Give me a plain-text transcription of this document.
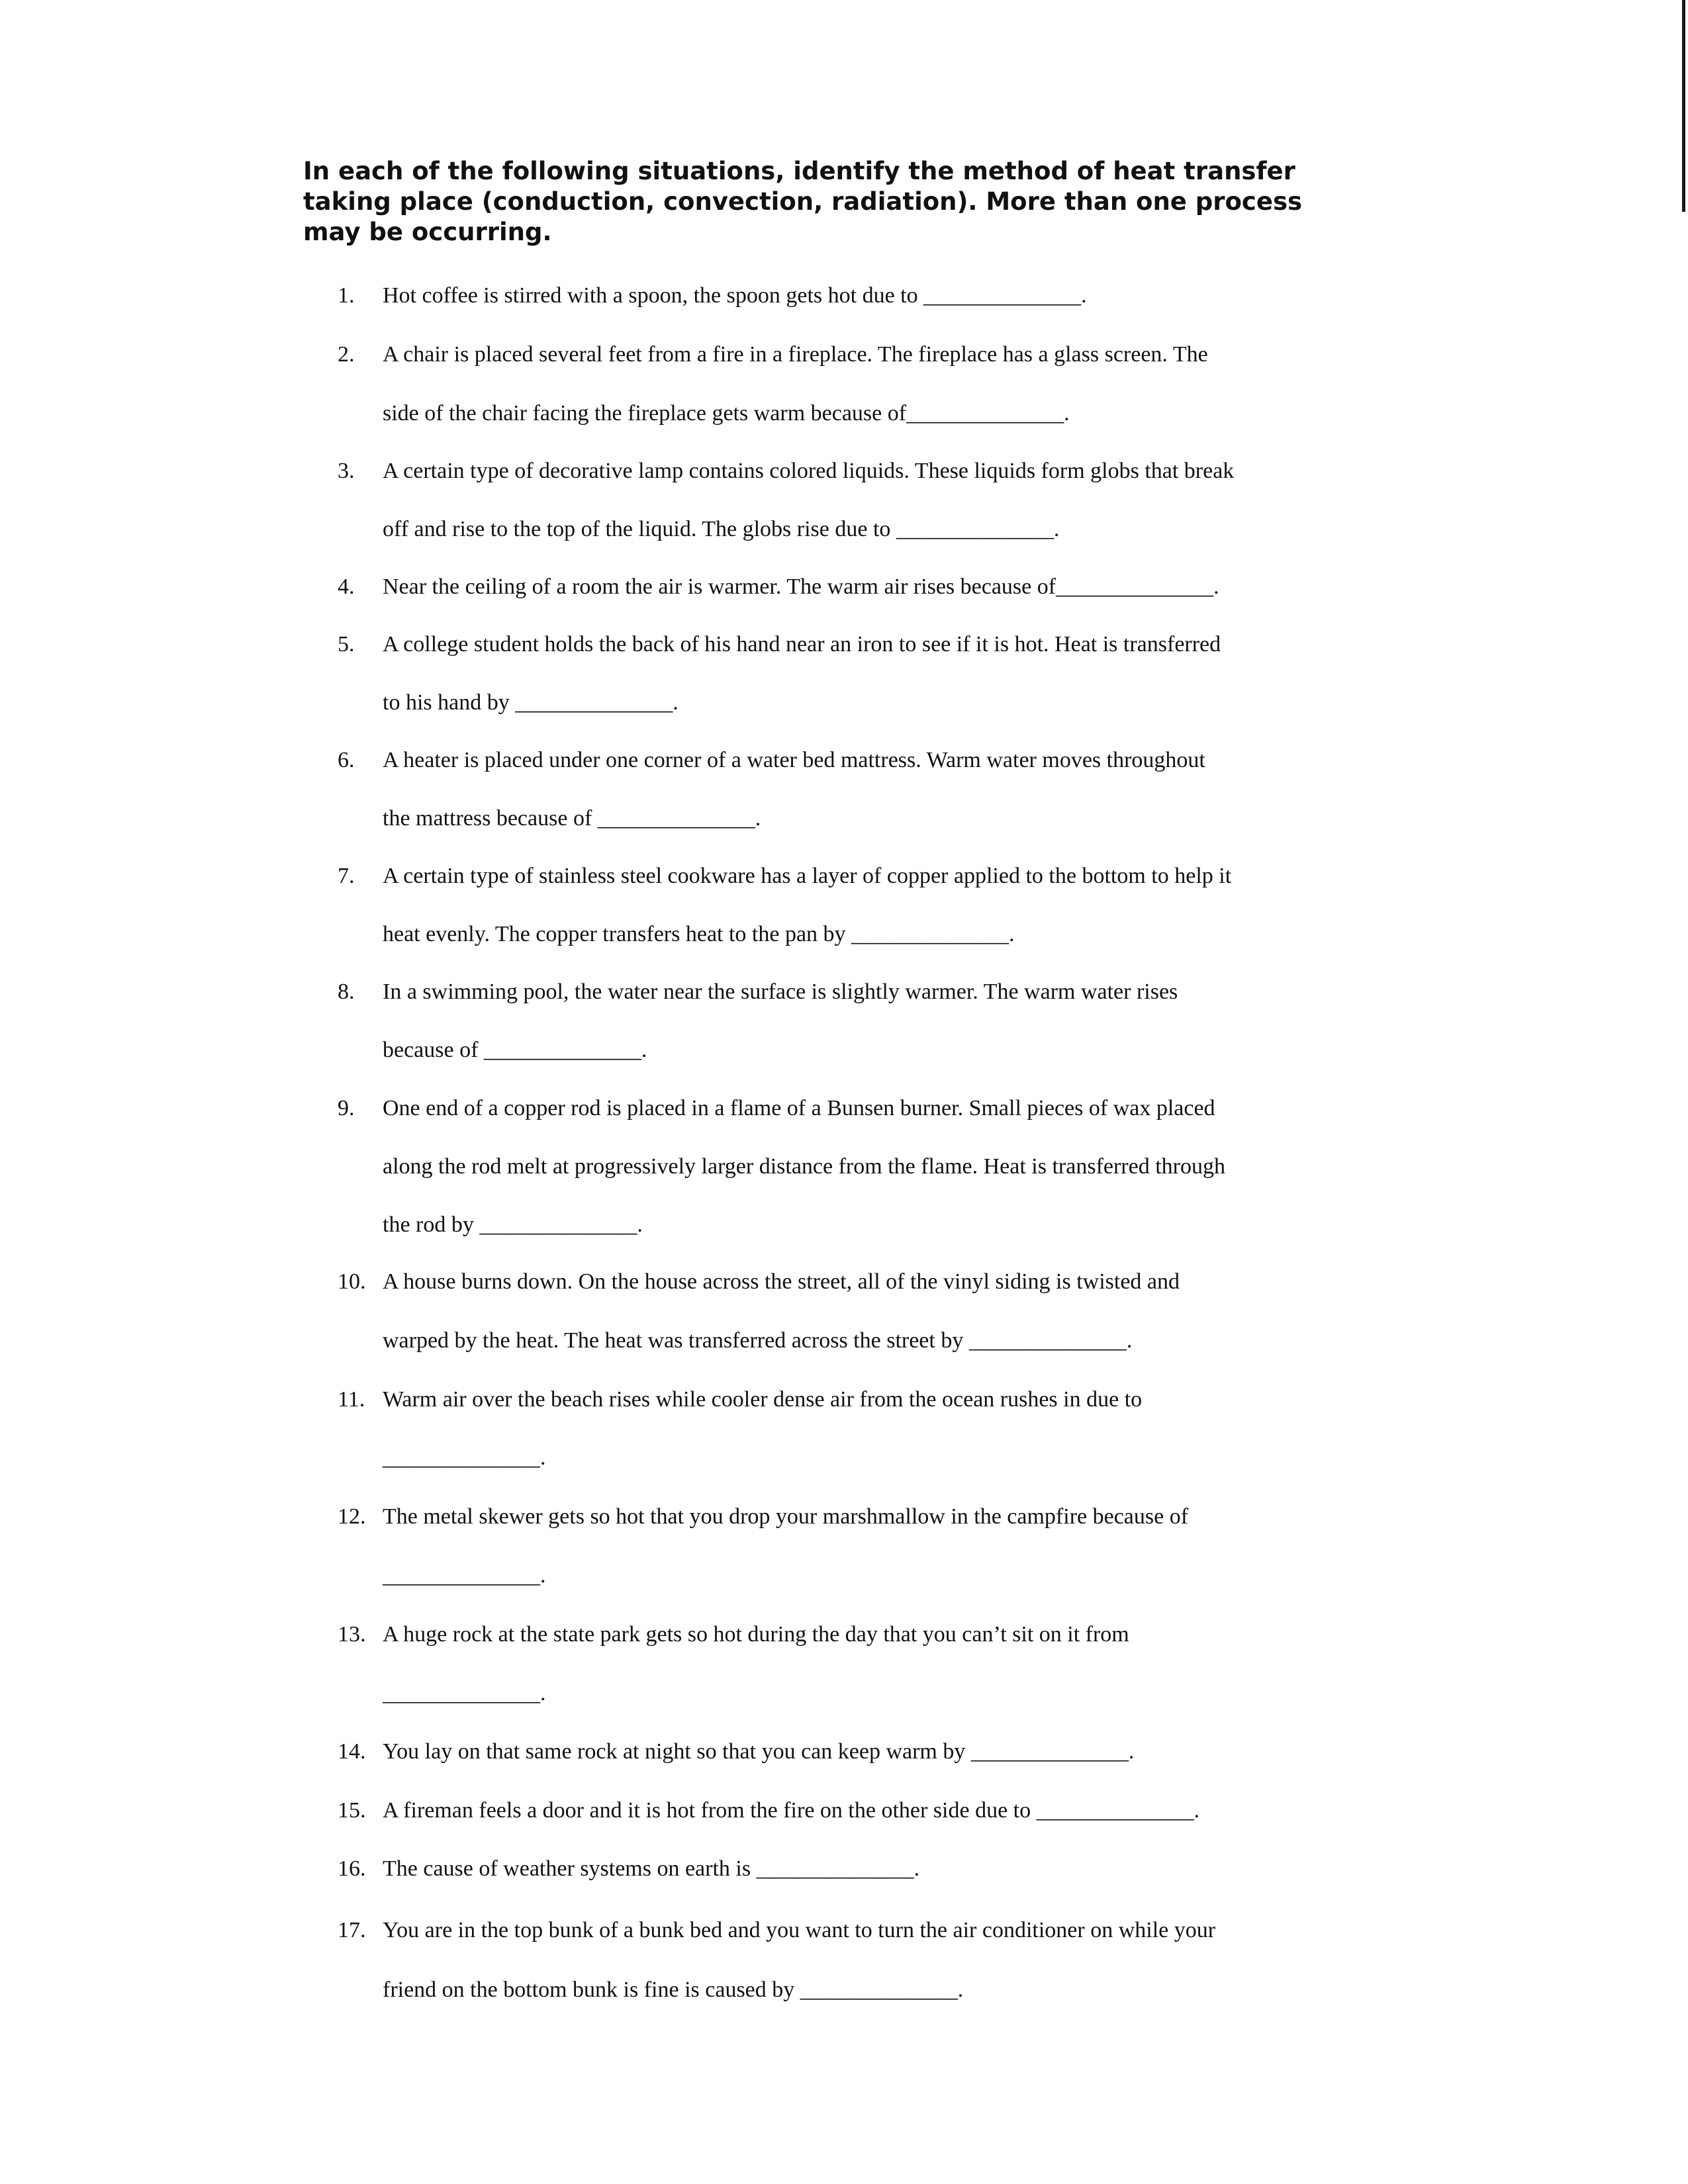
In each of the following situations, identify the method of heat transfer taking place (conduction, convection, radiation). More than one process may be occurring.

1. Hot coffee is stirred with a spoon, the spoon gets hot due to ______________.
2. A chair is placed several feet from a fire in a fireplace. The fireplace has a glass screen. The
side of the chair facing the fireplace gets warm because of______________.
3. A certain type of decorative lamp contains colored liquids. These liquids form globs that break
off and rise to the top of the liquid. The globs rise due to ______________.
4. Near the ceiling of a room the air is warmer. The warm air rises because of______________.
5. A college student holds the back of his hand near an iron to see if it is hot. Heat is transferred
to his hand by ______________.
6. A heater is placed under one corner of a water bed mattress. Warm water moves throughout
the mattress because of ______________.
7. A certain type of stainless steel cookware has a layer of copper applied to the bottom to help it
heat evenly. The copper transfers heat to the pan by ______________.
8. In a swimming pool, the water near the surface is slightly warmer. The warm water rises
because of ______________.
9. One end of a copper rod is placed in a flame of a Bunsen burner. Small pieces of wax placed
along the rod melt at progressively larger distance from the flame. Heat is transferred through
the rod by ______________.
10. A house burns down. On the house across the street, all of the vinyl siding is twisted and
warped by the heat. The heat was transferred across the street by ______________.
11. Warm air over the beach rises while cooler dense air from the ocean rushes in due to
______________.
12. The metal skewer gets so hot that you drop your marshmallow in the campfire because of
______________.
13. A huge rock at the state park gets so hot during the day that you can’t sit on it from
______________.
14. You lay on that same rock at night so that you can keep warm by ______________.
15. A fireman feels a door and it is hot from the fire on the other side due to ______________.
16. The cause of weather systems on earth is ______________.
17. You are in the top bunk of a bunk bed and you want to turn the air conditioner on while your
friend on the bottom bunk is fine is caused by ______________.
